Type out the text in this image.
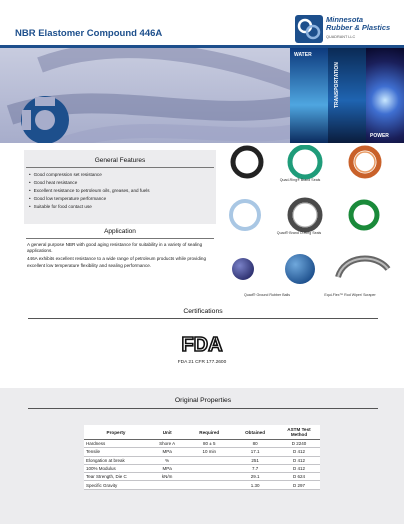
NBR Elastomer Compound 446A
Minnesota
Rubber & Plastics
QUADRANT LLC
WATER
TRANSPORTATION
POWER
General Features
• Good compression set resistance
• Good heat resistance
• Excellent resistance to petroleum oils, greases, and fuels
• Good low temperature performance
• Suitable for food contact use
Application

A general purpose NBR with good aging resistance for suitability in a variety of sealing applications.

446A exhibits excellent resistance to a wide range of petroleum products while providing excellent low temperature flexibility and sealing performance.

Quad-Ring® Brand Seals
Quad® Brand O-Ring Seals
Quad® Ground Rubber Balls	Equi-Flex™ Rod Wiper/ Scraper
Certifications
FDA
FDA 21 CFR 177.2600
Original Properties
Property	Unit	Required	Obtained	ASTM Test Method
Hardness	Shore A	80 ± 5	80	D 2240
Tensile	MPa	10 min	17.1	D 412
Elongation at break	%		251	D 412
100% Modulus	MPa		7.7	D 412
Tear Strength, Die C	kN/m		29.1	D 624
Specific Gravity			1.30	D 297
